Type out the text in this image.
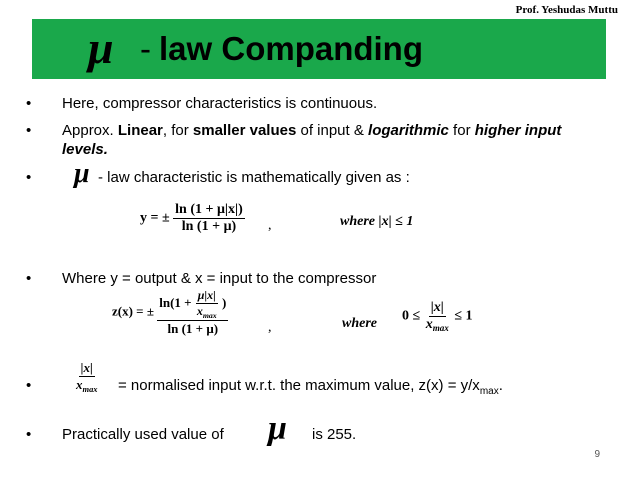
Prof. Yeshudas Muttu
μ - law Companding
• Here, compressor characteristics is continuous.
• Approx. Linear, for smaller values of input & logarithmic for higher input levels.
• μ - law characteristic is mathematically given as :
y = ± $\frac{\ln (1 + \mu|x|)}{\ln (1 + \mu)}$ ,	where |x| ≤ 1
• Where y = output & x = input to the compressor
z(x) = ±
$\ln(1 + \frac{\mu|x|}{x_{max}}$ )
ln (1 + μ)	,	where $0 \le \frac{|x|}{x_{max}} \le 1$
•	$\frac{|x|}{x_{max}}$ = normalised input w.r.t. the maximum value, $z(x) = y/x_{max}$.
• Practically used value of μ is 255.
9
